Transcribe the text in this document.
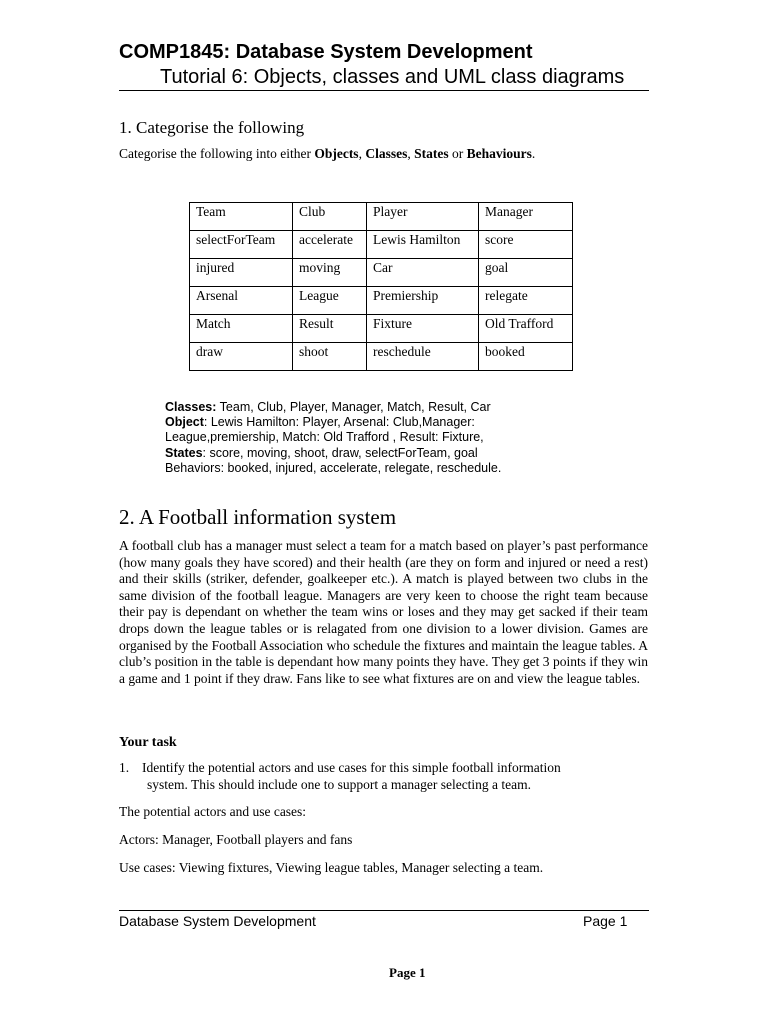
COMP1845: Database System Development
Tutorial 6: Objects, classes and UML class diagrams
1. Categorise the following
Categorise the following into either Objects, Classes, States or Behaviours.
Team	Club	Player	Manager
selectForTeam	accelerate	Lewis Hamilton	score
injured	moving	Car	goal
Arsenal	League	Premiership	relegate
Match	Result	Fixture	Old Trafford
draw	shoot	reschedule	booked
Classes: Team, Club, Player, Manager, Match, Result, Car
Object: Lewis Hamilton: Player, Arsenal: Club,Manager:
League,premiership, Match: Old Trafford , Result: Fixture,
States: score, moving, shoot, draw, selectForTeam, goal
Behaviors: booked, injured, accelerate, relegate, reschedule.
2. A Football information system
A football club has a manager must select a team for a match based on player’s past performance (how many goals they have scored) and their health (are they on form and injured or need a rest) and their skills (striker, defender, goalkeeper etc.). A match is played between two clubs in the same division of the football league. Managers are very keen to choose the right team because their pay is dependant on whether the team wins or loses and they may get sacked if their team drops down the league tables or is relagated from one division to a lower division. Games are organised by the Football Association who schedule the fixtures and maintain the league tables. A club’s position in the table is dependant how many points they have. They get 3 points if they win a game and 1 point if they draw. Fans like to see what fixtures are on and view the league tables.
Your task
1. Identify the potential actors and use cases for this simple football information
system. This should include one to support a manager selecting a team.
The potential actors and use cases:
Actors: Manager, Football players and fans
Use cases: Viewing fixtures, Viewing league tables, Manager selecting a team.
Database System Development	Page 1
Page 1
